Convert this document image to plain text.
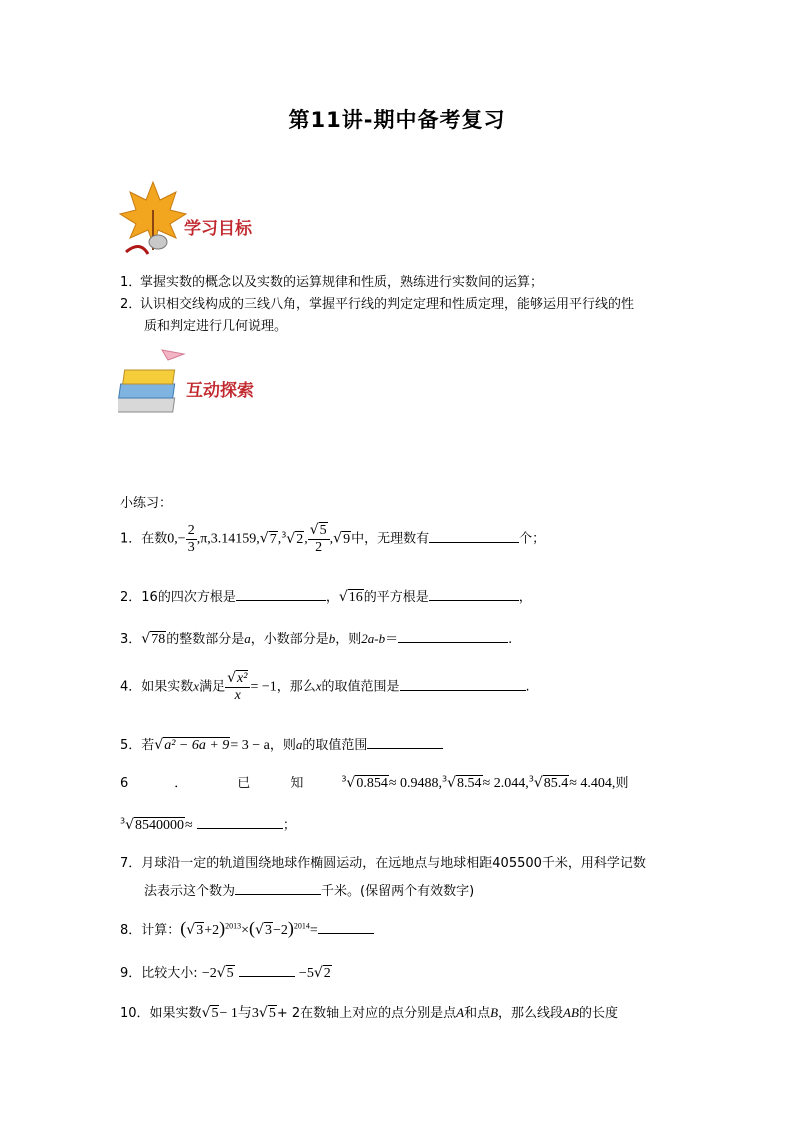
第11讲-期中备考复习
学习目标
1．掌握实数的概念以及实数的运算规律和性质，熟练进行实数间的运算；
2．认识相交线构成的三线八角，掌握平行线的判定定理和性质定理，能够运用平行线的性
质和判定进行几何说理。
互动探索
小练习：
1．在数$0,- \frac{2}{3} ,\pi,3.14159,√7,^3√2$, $\frac{√5}{2} ,√9$中，无理数有	个；
2．16的四次方根是	，√16的平方根是	，
3．√78的整数部分是a，小数部分是b，则2a-b＝	.
4．如果实数x满足 $\frac{\text{√x²}}{x} = -1$，那么x的取值范围是	.
5．若√a² − 6a + 9= 3 − a，则a的取值范围
6	．	已	知	$^3$√0.854≈ 0.9488,$^3$√8.54≈ 2.044,$^3$√85.4≈ 4.404,则
$^3$√8540000≈	；
7．月球沿一定的轨道围绕地球作椭圆运动，在远地点与地球相距405500千米，用科学记数
法表示这个数为	千米。(保留两个有效数字)
8．计算：$(√3+2)^{2013}\times(√3-2)^{2014}=$
9．比较大小: −2√5	−5√2
10．如果实数√5− 1与3√5+ 2在数轴上对应的点分别是点A和点B，那么线段AB的长度
